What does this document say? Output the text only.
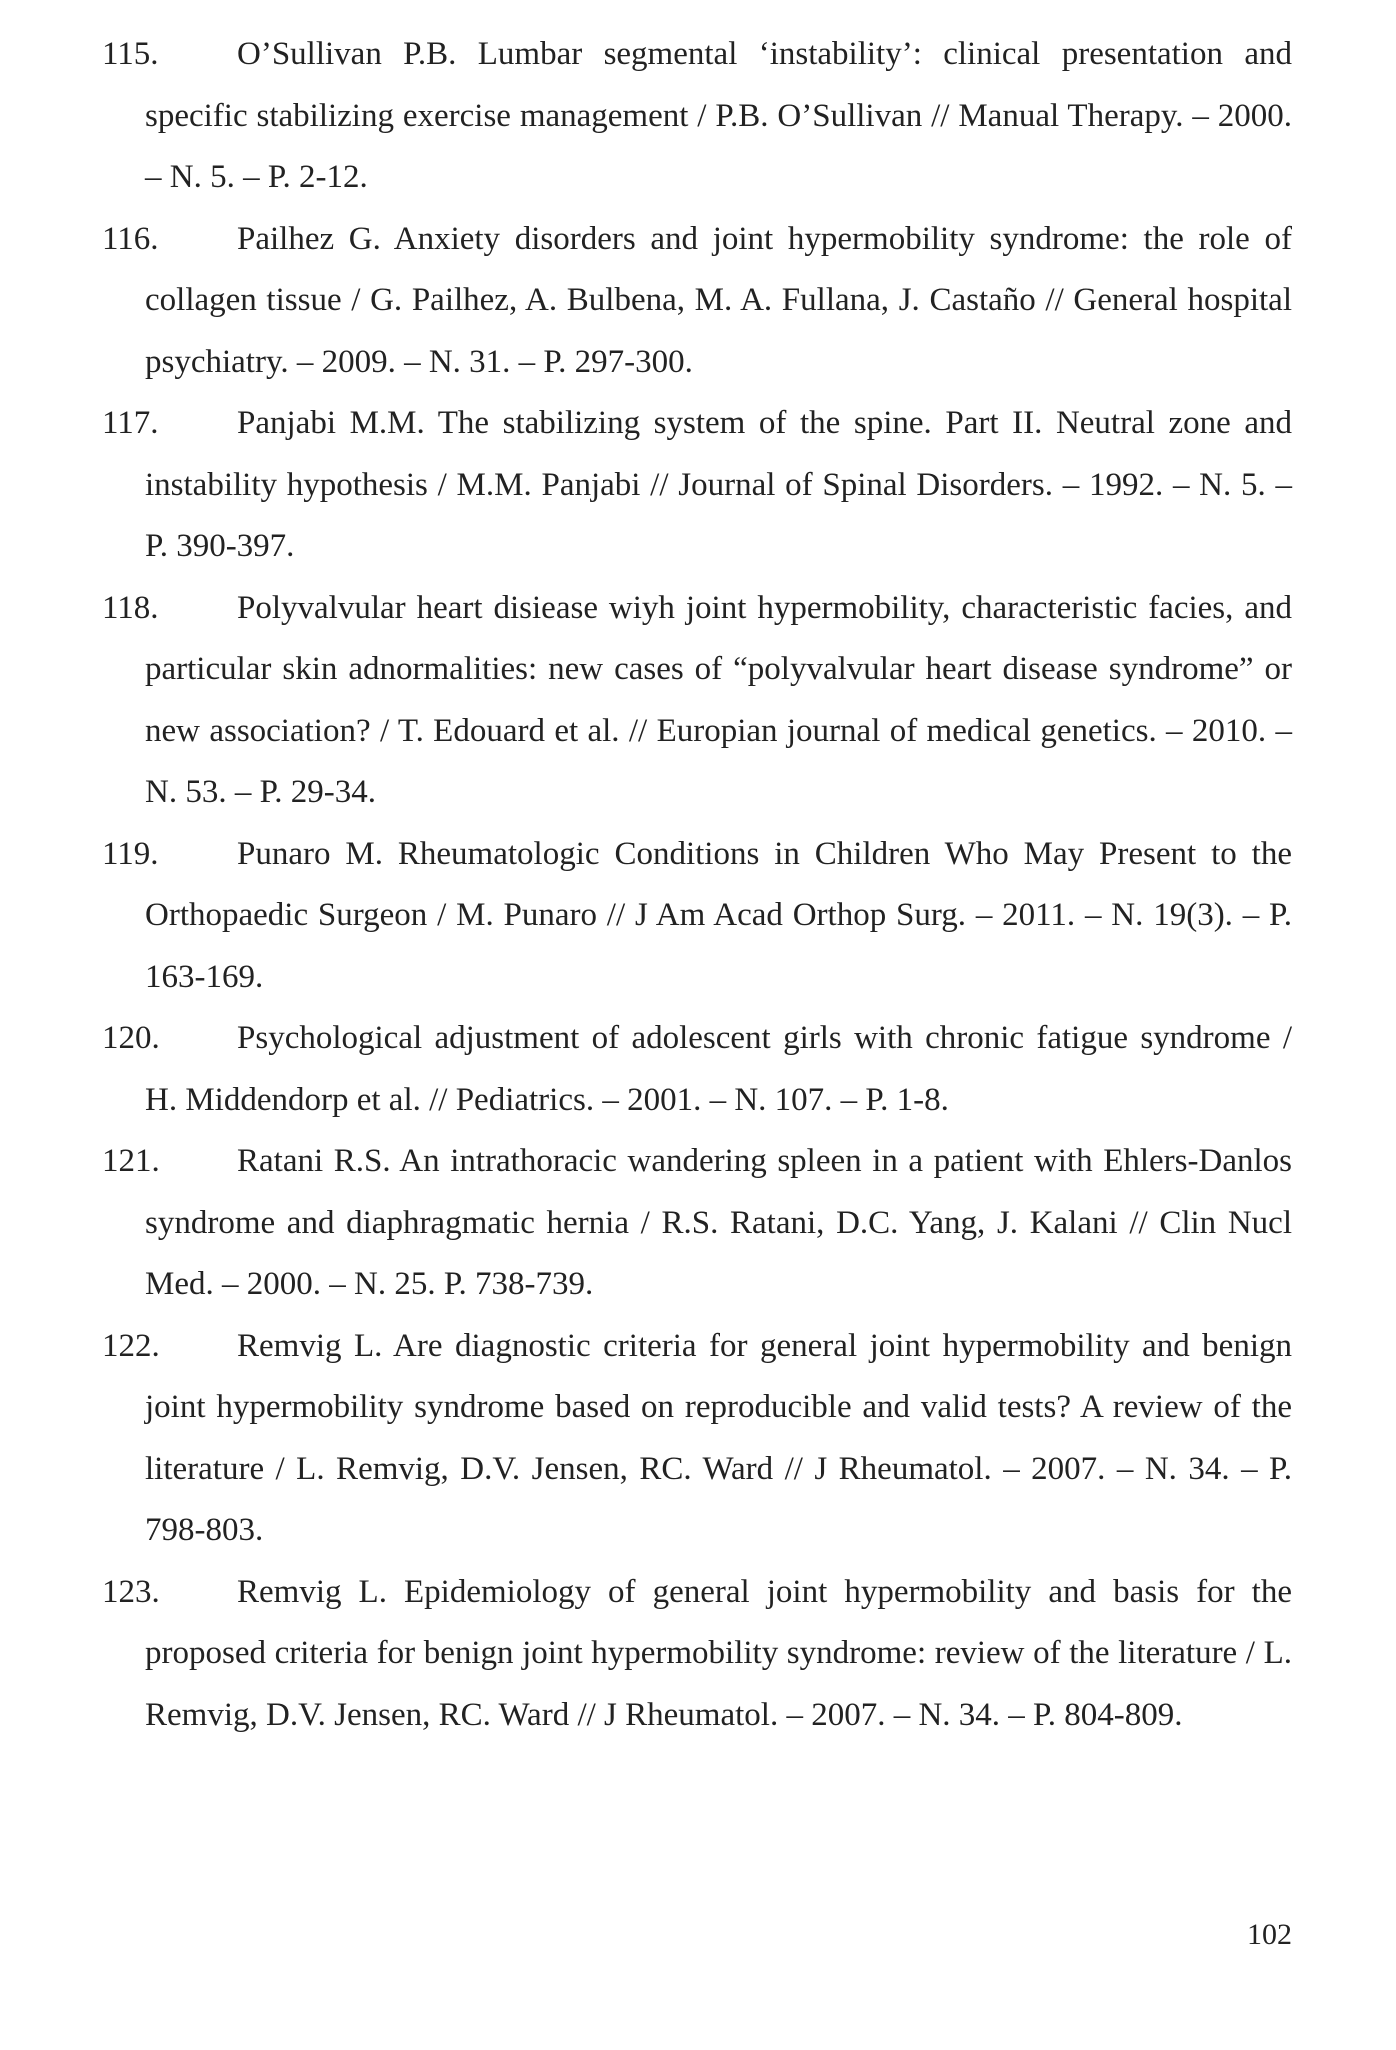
115.	O’Sullivan P.B. Lumbar segmental ‘instability’: clinical presentation and specific stabilizing exercise management / P.B. O’Sullivan // Manual Therapy. – 2000. – N. 5. – P. 2-12.

116.	Pailhez G. Anxiety disorders and joint hypermobility syndrome: the role of collagen tissue / G. Pailhez, A. Bulbena, M. A. Fullana, J. Castaño // General hospital psychiatry. – 2009. – N. 31. – P. 297-300.

117.	Panjabi M.M. The stabilizing system of the spine. Part II. Neutral zone and instability hypothesis / M.M. Panjabi // Journal of Spinal Disorders. – 1992. – N. 5. – P. 390-397.

118.	Polyvalvular heart disiease wiyh joint hypermobility, characteristic facies, and particular skin adnormalities: new cases of “polyvalvular heart disease syndrome” or new association? / T. Edouard et al. // Europian journal of medical genetics. – 2010. – N. 53. – P. 29-34.

119.	Punaro M. Rheumatologic Conditions in Children Who May Present to the Orthopaedic Surgeon / M. Punaro // J Am Acad Orthop Surg. – 2011. – N. 19(3). – P. 163-169.

120.	Psychological adjustment of adolescent girls with chronic fatigue syndrome / H. Middendorp et al. // Pediatrics. – 2001. – N. 107. – P. 1-8.

121.	Ratani R.S. An intrathoracic wandering spleen in a patient with Ehlers-Danlos syndrome and diaphragmatic hernia / R.S. Ratani, D.C. Yang, J. Kalani // Clin Nucl Med. – 2000. – N. 25. P. 738-739.

122.	Remvig L. Are diagnostic criteria for general joint hypermobility and benign joint hypermobility syndrome based on reproducible and valid tests? A review of the literature / L. Remvig, D.V. Jensen, RC. Ward // J Rheumatol. – 2007. – N. 34. – P. 798-803.

123.	Remvig L. Epidemiology of general joint hypermobility and basis for the proposed criteria for benign joint hypermobility syndrome: review of the literature / L. Remvig, D.V. Jensen, RC. Ward // J Rheumatol. – 2007. – N. 34. – P. 804-809.

102
